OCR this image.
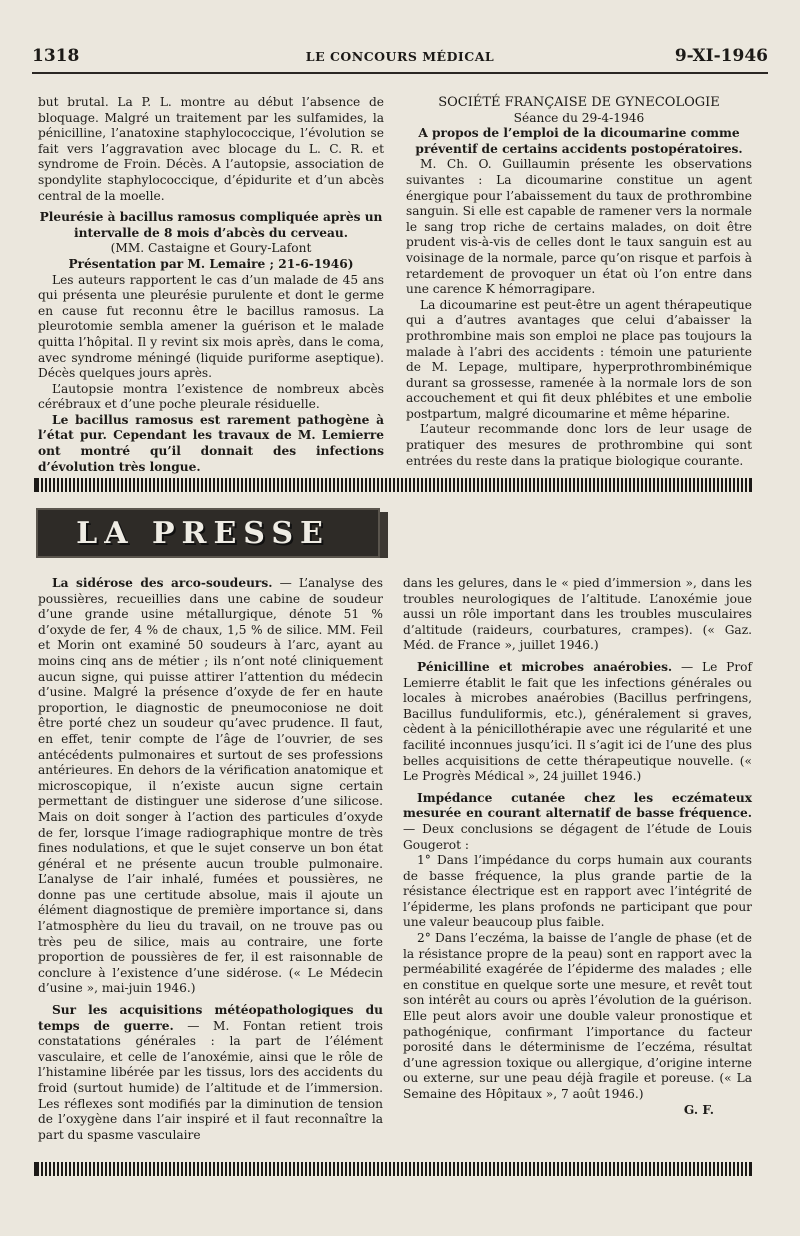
1318	LE CONCOURS MÉDICAL	9-XI-1946

but brutal. La P. L. montre au début l’absence de bloquage. Malgré un traitement par les sulfamides, la pénicilline, l’anatoxine staphylococcique, l’évolution se fait vers l’aggravation avec blocage du L. C. R. et syndrome de Froin. Décès. A l’autopsie, association de spondylite staphylococcique, d’épidurite et d’un abcès central de la moelle.

Pleurésie à bacillus ramosus compliquée après un intervalle de 8 mois d’abcès du cerveau.

(MM. Castaigne et Goury-Lafont

Présentation par M. Lemaire ; 21-6-1946)

Les auteurs rapportent le cas d’un malade de 45 ans qui présenta une pleurésie purulente et dont le germe en cause fut reconnu être le bacillus ramosus. La pleurotomie sembla amener la guérison et le malade quitta l’hôpital. Il y revint six mois après, dans le coma, avec syndrome méningé (liquide puriforme aseptique). Décès quelques jours après.

L’autopsie montra l’existence de nombreux abcès cérébraux et d’une poche pleurale résiduelle.

Le bacillus ramosus est rarement pathogène à l’état pur. Cependant les travaux de M. Lemierre ont montré qu’il donnait des infections d’évolution très longue.

SOCIÉTÉ FRANÇAISE DE GYNECOLOGIE

Séance du 29-4-1946

A propos de l’emploi de la dicoumarine comme préventif de certains accidents postopératoires.

M. Ch. O. Guillaumin présente les observations suivantes : La dicoumarine constitue un agent énergique pour l’abaissement du taux de prothrombine sanguin. Si elle est capable de ramener vers la normale le sang trop riche de certains malades, on doit être prudent vis-à-vis de celles dont le taux sanguin est au voisinage de la normale, parce qu’on risque et parfois à retardement de provoquer un état où l’on entre dans une carence K hémorragipare.

La dicoumarine est peut-être un agent thérapeutique qui a d’autres avantages que celui d’abaisser la prothrombine mais son emploi ne place pas toujours la malade à l’abri des accidents : témoin une paturiente de M. Lepage, multipare, hyperprothrombinémique durant sa grossesse, ramenée à la normale lors de son accouchement et qui fit deux phlébites et une embolie postpartum, malgré dicoumarine et même héparine.

L’auteur recommande donc lors de leur usage de pratiquer des mesures de prothrombine qui sont entrées du reste dans la pratique biologique courante.

LA PRESSE

La sidérose des arco-soudeurs. — L’analyse des poussières, recueillies dans une cabine de soudeur d’une grande usine métallurgique, dénote 51 % d’oxyde de fer, 4 % de chaux, 1,5 % de silice. MM. Feil et Morin ont examiné 50 soudeurs à l’arc, ayant au moins cinq ans de métier ; ils n’ont noté cliniquement aucun signe, qui puisse attirer l’attention du médecin d’usine. Malgré la présence d’oxyde de fer en haute proportion, le diagnostic de pneumoconiose ne doit être porté chez un soudeur qu’avec prudence. Il faut, en effet, tenir compte de l’âge de l’ouvrier, de ses antécédents pulmonaires et surtout de ses professions antérieures. En dehors de la vérification anatomique et microscopique, il n’existe aucun signe certain permettant de distinguer une siderose d’une silicose. Mais on doit songer à l’action des particules d’oxyde de fer, lorsque l’image radiographique montre de très fines nodulations, et que le sujet conserve un bon état général et ne présente aucun trouble pulmonaire. L’analyse de l’air inhalé, fumées et poussières, ne donne pas une certitude absolue, mais il ajoute un élément diagnostique de première importance si, dans l’atmosphère du lieu du travail, on ne trouve pas ou très peu de silice, mais au contraire, une forte proportion de poussières de fer, il est raisonnable de conclure à l’existence d’une sidérose. (« Le Médecin d’usine », mai-juin 1946.)

Sur les acquisitions météopathologiques du temps de guerre. — M. Fontan retient trois constatations générales : la part de l’élément vasculaire, et celle de l’anoxémie, ainsi que le rôle de l’histamine libérée par les tissus, lors des accidents du froid (surtout humide) de l’altitude et de l’immersion. Les réflexes sont modifiés par la diminution de tension de l’oxygène dans l’air inspiré et il faut reconnaître la part du spasme vasculaire

dans les gelures, dans le « pied d’immersion », dans les troubles neurologiques de l’altitude. L’anoxémie joue aussi un rôle important dans les troubles musculaires d’altitude (raideurs, courbatures, crampes). (« Gaz. Méd. de France », juillet 1946.)

Pénicilline et microbes anaérobies. — Le Prof Lemierre établit le fait que les infections générales ou locales à microbes anaérobies (Bacillus perfringens, Bacillus funduliformis, etc.), généralement si graves, cèdent à la pénicillothérapie avec une régularité et une facilité inconnues jusqu’ici. Il s’agit ici de l’une des plus belles acquisitions de cette thérapeutique nouvelle. (« Le Progrès Médical », 24 juillet 1946.)

Impédance cutanée chez les eczémateux mesurée en courant alternatif de basse fréquence. — Deux conclusions se dégagent de l’étude de Louis Gougerot :

1° Dans l’impédance du corps humain aux courants de basse fréquence, la plus grande partie de la résistance électrique est en rapport avec l’intégrité de l’épiderme, les plans profonds ne participant que pour une valeur beaucoup plus faible.

2° Dans l’eczéma, la baisse de l’angle de phase (et de la résistance propre de la peau) sont en rapport avec la perméabilité exagérée de l’épiderme des malades ; elle en constitue en quelque sorte une mesure, et revêt tout son intérêt au cours ou après l’évolution de la guérison. Elle peut alors avoir une double valeur pronostique et pathogénique, confirmant l’importance du facteur porosité dans le déterminisme de l’eczéma, résultat d’une agression toxique ou allergique, d’origine interne ou externe, sur une peau déjà fragile et poreuse. (« La Semaine des Hôpitaux », 7 août 1946.)

G. F.
